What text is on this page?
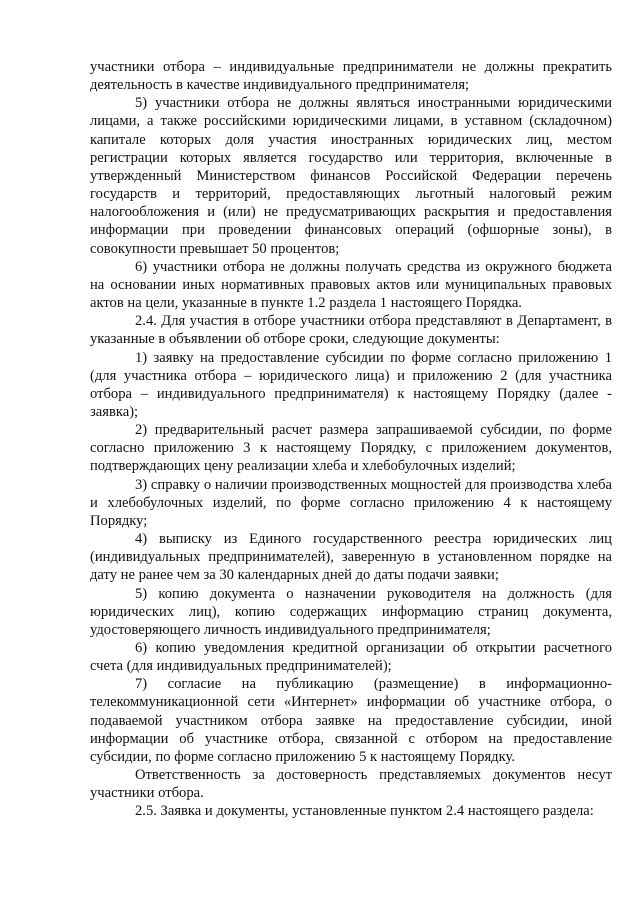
участники отбора – индивидуальные предприниматели не должны прекратить деятельность в качестве индивидуального предпринимателя;

5) участники отбора не должны являться иностранными юридическими лицами, а также российскими юридическими лицами, в уставном (складочном) капитале которых доля участия иностранных юридических лиц, местом регистрации которых является государство или территория, включенные в утвержденный Министерством финансов Российской Федерации перечень государств и территорий, предоставляющих льготный налоговый режим налогообложения и (или) не предусматривающих раскрытия и предоставления информации при проведении финансовых операций (офшорные зоны), в совокупности превышает 50 процентов;

6) участники отбора не должны получать средства из окружного бюджета на основании иных нормативных правовых актов или муниципальных правовых актов на цели, указанные в пункте 1.2 раздела 1 настоящего Порядка.

2.4. Для участия в отборе участники отбора представляют в Департамент, в указанные в объявлении об отборе сроки, следующие документы:

1) заявку на предоставление субсидии по форме согласно приложению 1 (для участника отбора – юридического лица) и приложению 2 (для участника отбора – индивидуального предпринимателя) к настоящему Порядку (далее - заявка);

2) предварительный расчет размера запрашиваемой субсидии, по форме согласно приложению 3 к настоящему Порядку, с приложением документов, подтверждающих цену реализации хлеба и хлебобулочных изделий;

3) справку о наличии производственных мощностей для производства хлеба и хлебобулочных изделий, по форме согласно приложению 4 к настоящему Порядку;

4) выписку из Единого государственного реестра юридических лиц (индивидуальных предпринимателей), заверенную в установленном порядке на дату не ранее чем за 30 календарных дней до даты подачи заявки;

5) копию документа о назначении руководителя на должность (для юридических лиц), копию содержащих информацию страниц документа, удостоверяющего личность индивидуального предпринимателя;

6) копию уведомления кредитной организации об открытии расчетного счета (для индивидуальных предпринимателей);

7) согласие на публикацию (размещение) в информационно-телекоммуникационной сети «Интернет» информации об участнике отбора, о подаваемой участником отбора заявке на предоставление субсидии, иной информации об участнике отбора, связанной с отбором на предоставление субсидии, по форме согласно приложению 5 к настоящему Порядку.

Ответственность за достоверность представляемых документов несут участники отбора.

2.5. Заявка и документы, установленные пунктом 2.4 настоящего раздела:
